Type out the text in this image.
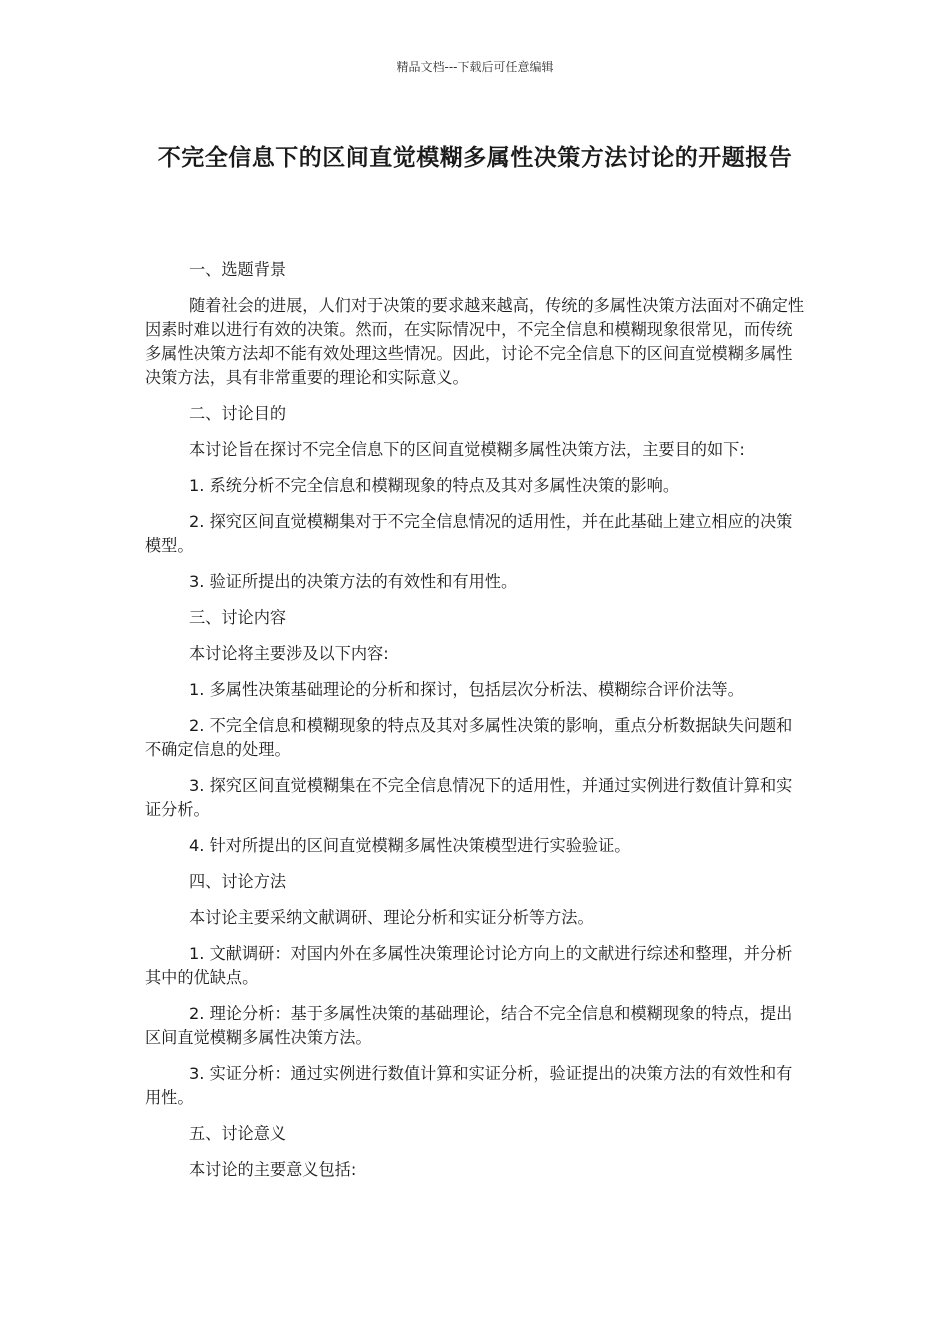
精品文档---下载后可任意编辑
不完全信息下的区间直觉模糊多属性决策方法讨论的开题报告

一、选题背景

随着社会的进展，人们对于决策的要求越来越高，传统的多属性决策方法面对不确定性因素时难以进行有效的决策。然而，在实际情况中，不完全信息和模糊现象很常见，而传统多属性决策方法却不能有效处理这些情况。因此，讨论不完全信息下的区间直觉模糊多属性决策方法，具有非常重要的理论和实际意义。

二、讨论目的

本讨论旨在探讨不完全信息下的区间直觉模糊多属性决策方法，主要目的如下:

1. 系统分析不完全信息和模糊现象的特点及其对多属性决策的影响。

2. 探究区间直觉模糊集对于不完全信息情况的适用性，并在此基础上建立相应的决策模型。

3. 验证所提出的决策方法的有效性和有用性。

三、讨论内容

本讨论将主要涉及以下内容:

1. 多属性决策基础理论的分析和探讨，包括层次分析法、模糊综合评价法等。

2. 不完全信息和模糊现象的特点及其对多属性决策的影响，重点分析数据缺失问题和不确定信息的处理。

3. 探究区间直觉模糊集在不完全信息情况下的适用性，并通过实例进行数值计算和实证分析。

4. 针对所提出的区间直觉模糊多属性决策模型进行实验验证。

四、讨论方法

本讨论主要采纳文献调研、理论分析和实证分析等方法。

1. 文献调研：对国内外在多属性决策理论讨论方向上的文献进行综述和整理，并分析其中的优缺点。

2. 理论分析：基于多属性决策的基础理论，结合不完全信息和模糊现象的特点，提出区间直觉模糊多属性决策方法。

3. 实证分析：通过实例进行数值计算和实证分析，验证提出的决策方法的有效性和有用性。

五、讨论意义

本讨论的主要意义包括:
